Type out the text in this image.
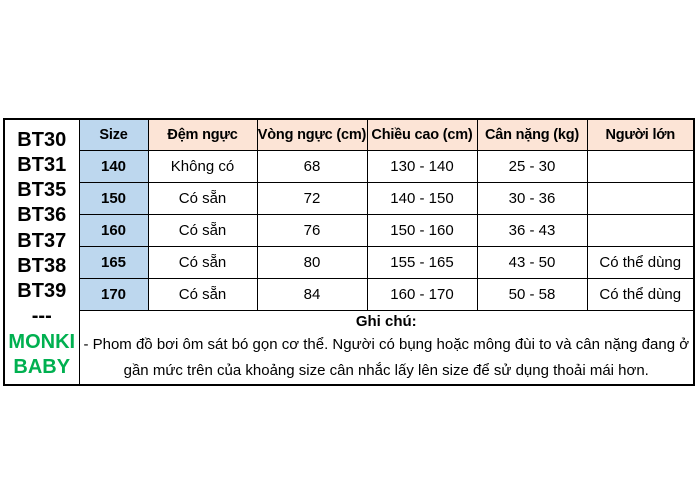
BT30
BT31
BT35
BT36
BT37
BT38
BT39
---
MONKI
BABY
	Size	Đệm ngực	Vòng ngực (cm)	Chiều cao (cm)	Cân nặng (kg)	Người lớn
	140	Không có	68	130 - 140	25 - 30	
	150	Có sẵn	72	140 - 150	30 - 36	
	160	Có sẵn	76	150 - 160	36 - 43	
	165	Có sẵn	80	155 - 165	43 - 50	Có thể dùng
	170	Có sẵn	84	160 - 170	50 - 58	Có thể dùng

	Ghi chú:
- Phom đồ bơi ôm sát bó gọn cơ thể. Người có bụng hoặc mông đùi to và cân nặng đang ở gần mức trên của khoảng size cân nhắc lấy lên size để sử dụng thoải mái hơn.					
